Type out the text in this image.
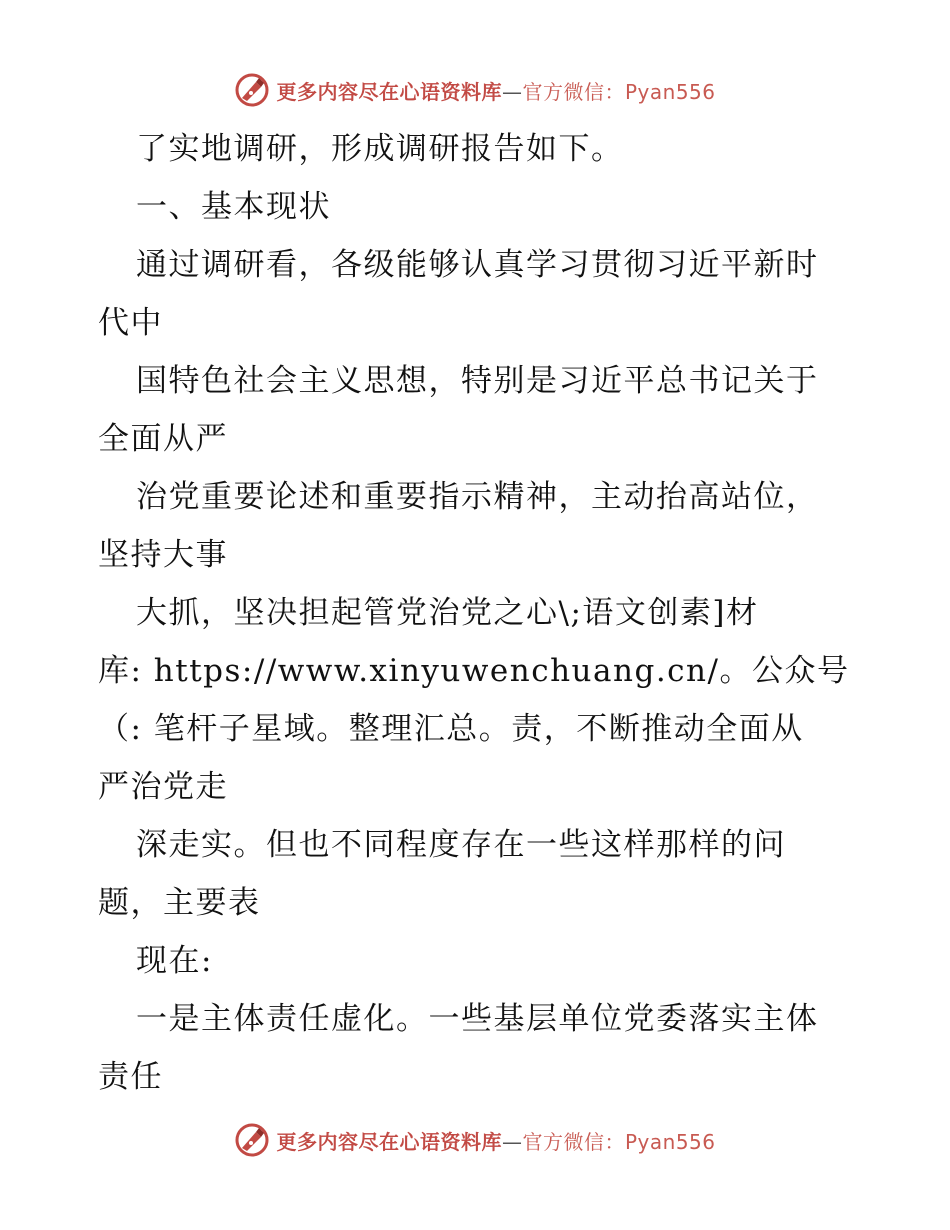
更多内容尽在心语资料库—官方微信：Pyan556
了实地调研，形成调研报告如下。
一、基本现状
通过调研看，各级能够认真学习贯彻习近平新时
代中
国特色社会主义思想，特别是习近平总书记关于
全面从严
治党重要论述和重要指示精神，主动抬高站位，
坚持大事
大抓，坚决担起管党治党之心\;语文创素]材
库: https://www.xinyuwenchuang.cn/。公众号
（: 笔杆子星域。整理汇总。责，不断推动全面从
严治党走
深走实。但也不同程度存在一些这样那样的问
题，主要表
现在:
一是主体责任虚化。一些基层单位党委落实主体
责任
更多内容尽在心语资料库—官方微信：Pyan556
